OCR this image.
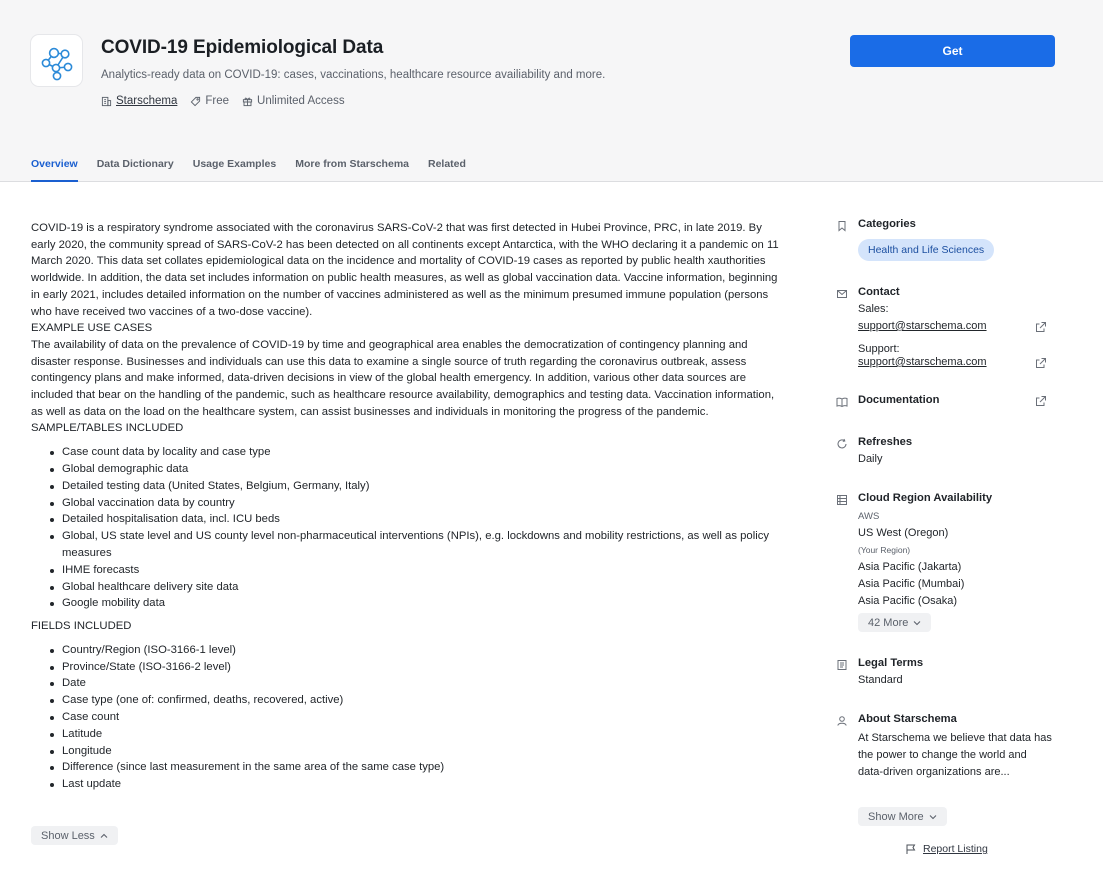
COVID-19 Epidemiological Data
Analytics-ready data on COVID-19: cases, vaccinations, healthcare resource availiability and more.
Starschema Free Unlimited Access
Get
Overview Data Dictionary Usage Examples More from Starschema Related

COVID-19 is a respiratory syndrome associated with the coronavirus SARS-CoV-2 that was first detected in Hubei Province, PRC, in late 2019. By early 2020, the community spread of SARS-CoV-2 has been detected on all continents except Antarctica, with the WHO declaring it a pandemic on 11 March 2020. This data set collates epidemiological data on the incidence and mortality of COVID-19 cases as reported by public health xauthorities worldwide. In addition, the data set includes information on public health measures, as well as global vaccination data. Vaccine information, beginning in early 2021, includes detailed information on the number of vaccines administered as well as the minimum presumed immune population (persons who have received two vaccines of a two-dose vaccine).

EXAMPLE USE CASES

The availability of data on the prevalence of COVID-19 by time and geographical area enables the democratization of contingency planning and disaster response. Businesses and individuals can use this data to examine a single source of truth regarding the coronavirus outbreak, assess contingency plans and make informed, data-driven decisions in view of the global health emergency. In addition, various other data sources are included that bear on the handling of the pandemic, such as healthcare resource availability, demographics and testing data. Vaccination information, as well as data on the load on the healthcare system, can assist businesses and individuals in monitoring the progress of the pandemic.

SAMPLE/TABLES INCLUDED

Case count data by locality and case type
Global demographic data
Detailed testing data (United States, Belgium, Germany, Italy)
Global vaccination data by country
Detailed hospitalisation data, incl. ICU beds
Global, US state level and US county level non-pharmaceutical interventions (NPIs), e.g. lockdowns and mobility restrictions, as well as policy measures
IHME forecasts
Global healthcare delivery site data
Google mobility data

FIELDS INCLUDED

Country/Region (ISO-3166-1 level)
Province/State (ISO-3166-2 level)
Date
Case type (one of: confirmed, deaths, recovered, active)
Case count
Latitude
Longitude
Difference (since last measurement in the same area of the same case type)
Last update
Show Less
Categories
Health and Life Sciences
Contact
Sales:
support@starschema.com
Support:
support@starschema.com
Documentation
Refreshes
Daily
Cloud Region Availability
AWS
US West (Oregon)
(Your Region)
Asia Pacific (Jakarta)
Asia Pacific (Mumbai)
Asia Pacific (Osaka)
42 More
Legal Terms
Standard
About Starschema
At Starschema we believe that data has the power to change the world and data-driven organizations are...
Show More
Report Listing
